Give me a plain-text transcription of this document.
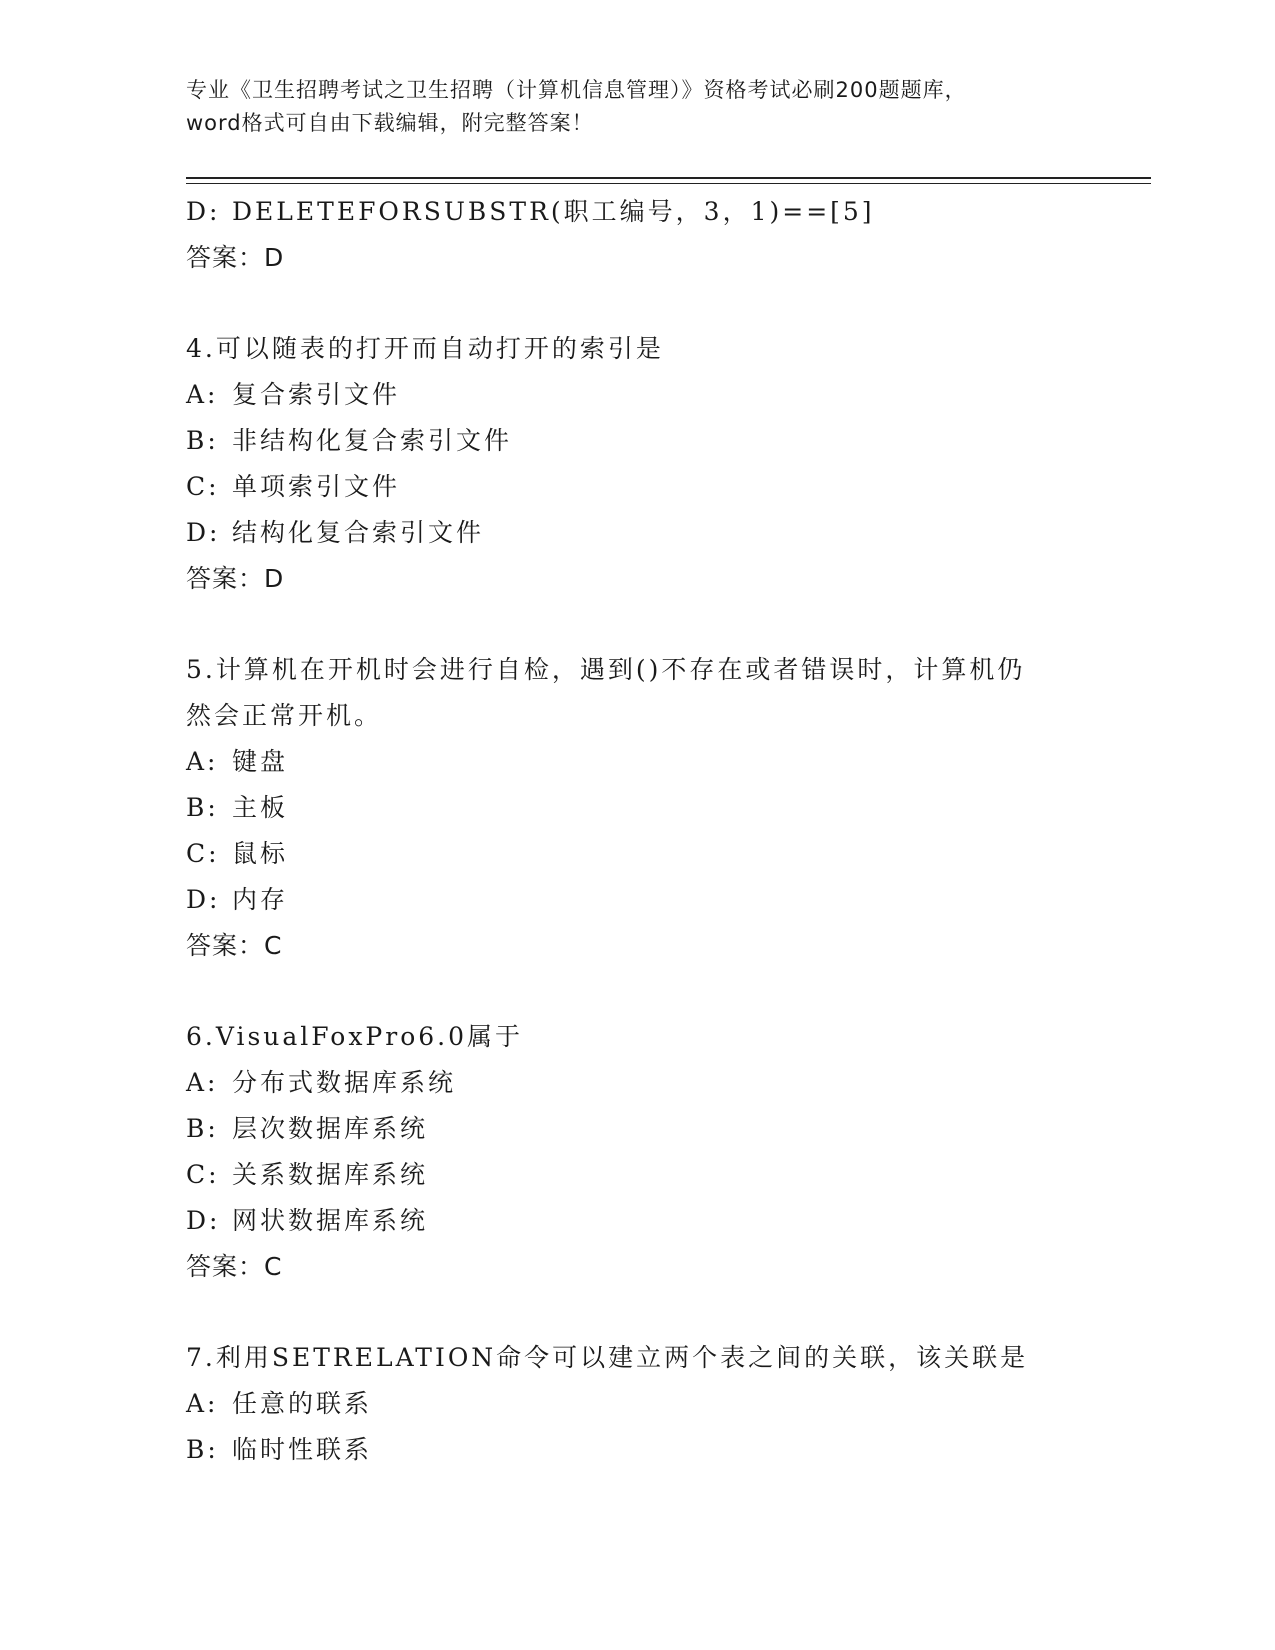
专业《卫生招聘考试之卫生招聘（计算机信息管理）》资格考试必刷200题题库，
word格式可自由下载编辑，附完整答案！
D: DELETEFORSUBSTR(职工编号，3，1)==[5]
答案：D
4.可以随表的打开而自动打开的索引是
A: 复合索引文件
B: 非结构化复合索引文件
C: 单项索引文件
D: 结构化复合索引文件
答案：D
5.计算机在开机时会进行自检，遇到()不存在或者错误时，计算机仍
然会正常开机。
A: 键盘
B: 主板
C: 鼠标
D: 内存
答案：C
6.VisualFoxPro6.0属于
A: 分布式数据库系统
B: 层次数据库系统
C: 关系数据库系统
D: 网状数据库系统
答案：C
7.利用SETRELATION命令可以建立两个表之间的关联，该关联是
A: 任意的联系
B: 临时性联系
